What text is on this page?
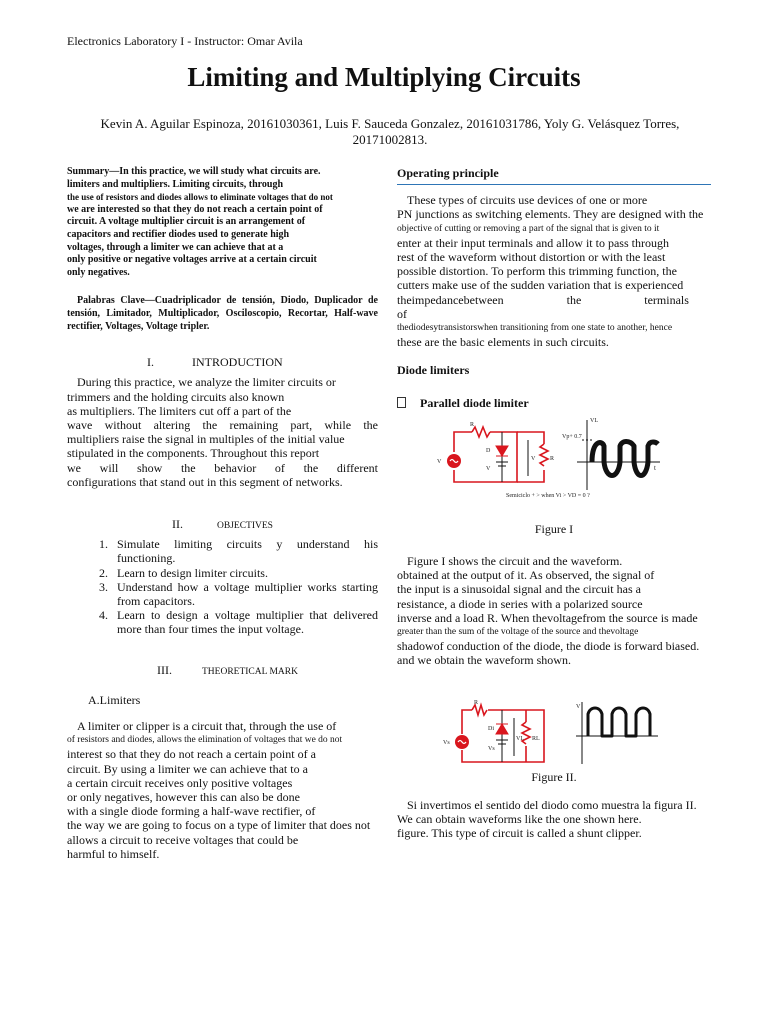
Electronics Laboratory I - Instructor: Omar Avila
Limiting and Multiplying Circuits
Kevin A. Aguilar Espinoza, 20161030361, Luis F. Sauceda Gonzalez, 20161031786, Yoly G. Velásquez Torres, 20171002813.
Summary—In this practice, we will study what circuits are.
limiters and multipliers. Limiting circuits, through
the use of resistors and diodes allows to eliminate voltages that do not
we are interested so that they do not reach a certain point of
circuit. A voltage multiplier circuit is an arrangement of
capacitors and rectifier diodes used to generate high
voltages, through a limiter we can achieve that at a
only positive or negative voltages arrive at a certain circuit
only negatives.
Palabras Clave—Cuadriplicador de tensión, Diodo, Duplicador de tensión, Limitador, Multiplicador, Osciloscopio, Recortar, Half-wave rectifier, Voltages, Voltage tripler.
I.	INTRODUCTION
During this practice, we analyze the limiter circuits or
trimmers and the holding circuits also known
as multipliers. The limiters cut off a part of the
wave without altering the remaining part, while the
multipliers raise the signal in multiples of the initial value
stipulated in the components. Throughout this report
we will show the behavior of the different
configurations that stand out in this segment of networks.
II.	OBJECTIVES
1. Simulate limiting circuits y understand his functioning.
2. Learn to design limiter circuits.
3. Understand how a voltage multiplier works starting from capacitors.
4. Learn to design a voltage multiplier that delivered more than four times the input voltage.
III.	THEORETICAL MARK
A.Limiters
A limiter or clipper is a circuit that, through the use of
of resistors and diodes, allows the elimination of voltages that we do not
interest so that they do not reach a certain point of a
circuit. By using a limiter we can achieve that to a
a certain circuit receives only positive voltages
or only negatives, however this can also be done
with a single diode forming a half-wave rectifier, of
the way we are going to focus on a type of limiter that does not
allows a circuit to receive voltages that could be
harmful to himself.
Operating principle
These types of circuits use devices of one or more
PN junctions as switching elements. They are designed with the
objective of cutting or removing a part of the signal that is given to it
enter at their input terminals and allow it to pass through
rest of the waveform without distortion or with the least
possible distortion. To perform this trimming function, the
cutters make use of the sudden variation that is experienced
theimpedancebetween the terminals of
thediodesytransistorswhen transitioning from one state to another, hence
these are the basic elements in such circuits.
Diode limiters
Parallel diode limiter
R
V
D
V
V R
VL
Vp+ 0.7
t
Semiciclo + > when Vi > VD = 0 ?
Figure I
Figure I shows the circuit and the waveform.
obtained at the output of it. As observed, the signal of
the input is a sinusoidal signal and the circuit has a
resistance, a diode in series with a polarized source
inverse and a load R. When thevoltagefrom the source is made
greater than the sum of the voltage of the source and thevoltage
shadowof conduction of the diode, the diode is forward biased.
and we obtain the waveform shown.
R
Vs
Di
Vs
VL RL
V
Figure II.
Si invertimos el sentido del diodo como muestra la figura II.
We can obtain waveforms like the one shown here.
figure. This type of circuit is called a shunt clipper.
